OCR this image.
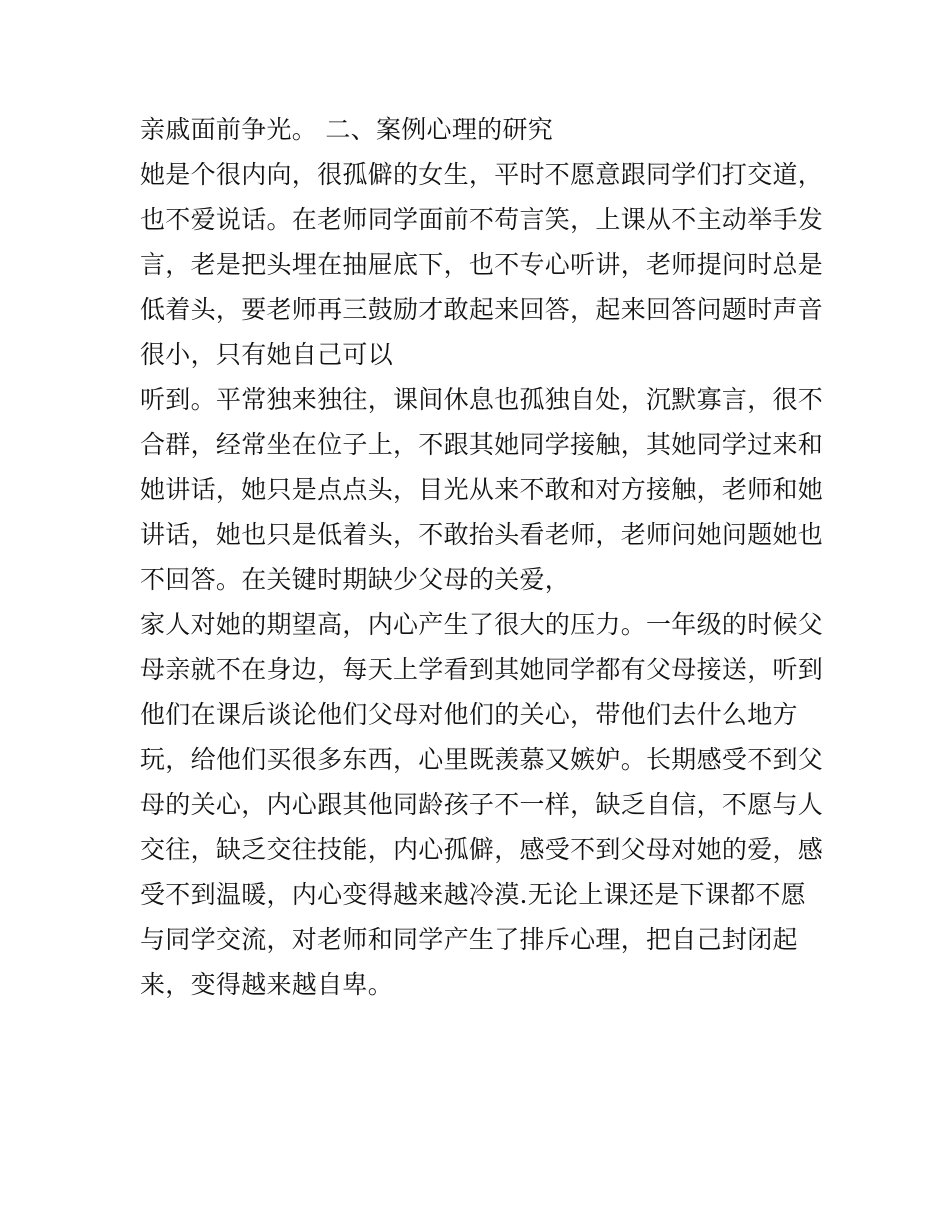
亲戚面前争光。 二、案例心理的研究
她是个很内向，很孤僻的女生，平时不愿意跟同学们打交道，
也不爱说话。在老师同学面前不苟言笑，上课从不主动举手发
言，老是把头埋在抽屉底下，也不专心听讲，老师提问时总是
低着头，要老师再三鼓励才敢起来回答，起来回答问题时声音
很小，只有她自己可以
听到。平常独来独往，课间休息也孤独自处，沉默寡言，很不
合群，经常坐在位子上，不跟其她同学接触，其她同学过来和
她讲话，她只是点点头，目光从来不敢和对方接触，老师和她
讲话，她也只是低着头，不敢抬头看老师，老师问她问题她也
不回答。在关键时期缺少父母的关爱，
家人对她的期望高，内心产生了很大的压力。一年级的时候父
母亲就不在身边，每天上学看到其她同学都有父母接送，听到
他们在课后谈论他们父母对他们的关心，带他们去什么地方
玩，给他们买很多东西，心里既羡慕又嫉妒。长期感受不到父
母的关心，内心跟其他同龄孩子不一样，缺乏自信，不愿与人
交往，缺乏交往技能，内心孤僻，感受不到父母对她的爱，感
受不到温暖，内心变得越来越冷漠.无论上课还是下课都不愿
与同学交流，对老师和同学产生了排斥心理，把自己封闭起
来，变得越来越自卑。
